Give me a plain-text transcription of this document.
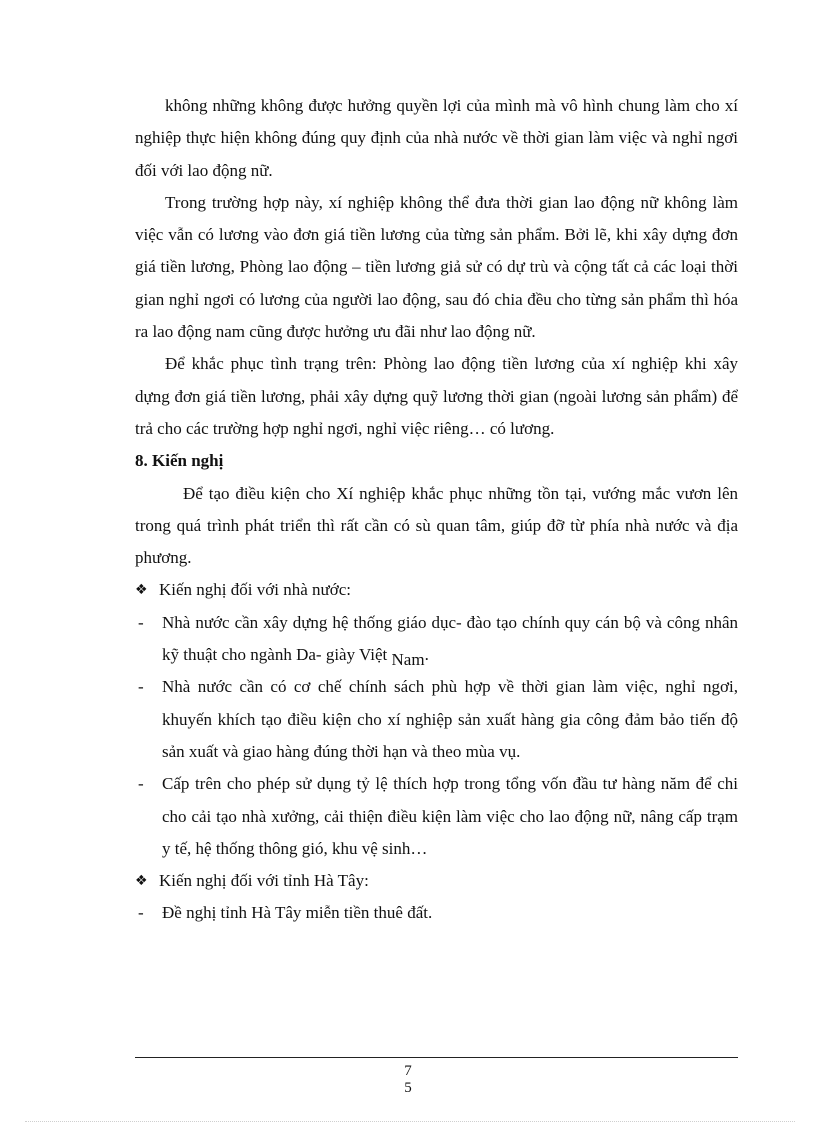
không những không được hưởng quyền lợi của mình mà vô hình chung làm cho xí nghiệp thực hiện không đúng quy định của nhà nước về thời gian làm việc và nghỉ ngơi đối với lao động nữ.

Trong trường hợp này, xí nghiệp không thể đưa thời gian lao động nữ không làm việc vẫn có lương vào đơn giá tiền lương của từng sản phẩm. Bởi lẽ, khi xây dựng đơn giá tiền lương, Phòng lao động – tiền lương giả sử có dự trù và cộng tất cả các loại thời gian nghỉ ngơi có lương của người lao động, sau đó chia đều cho từng sản phẩm thì hóa ra lao động nam cũng được hưởng ưu đãi như lao động nữ.

Để khắc phục tình trạng trên: Phòng lao động tiền lương của xí nghiệp khi xây dựng đơn giá tiền lương, phải xây dựng quỹ lương thời gian (ngoài lương sản phẩm) để trả cho các trường hợp nghỉ ngơi, nghỉ việc riêng… có lương.

8. Kiến nghị

Để tạo điều kiện cho Xí nghiệp khắc phục những tồn tại, vướng mắc vươn lên trong quá trình phát triển thì rất cần có sù quan tâm, giúp đỡ từ phía nhà nước và địa phương.

❖ Kiến nghị đối với nhà nước:

- Nhà nước cần xây dựng hệ thống giáo dục- đào tạo chính quy cán bộ và công nhân kỹ thuật cho ngành Da- giày Việt Nam.

- Nhà nước cần có cơ chế chính sách phù hợp về thời gian làm việc, nghỉ ngơi, khuyến khích tạo điều kiện cho xí nghiệp sản xuất hàng gia công đảm bảo tiến độ sản xuất và giao hàng đúng thời hạn và theo mùa vụ.

- Cấp trên cho phép sử dụng tỷ lệ thích hợp trong tổng vốn đầu tư hàng năm để chi cho cải tạo nhà xưởng, cải thiện điều kiện làm việc cho lao động nữ, nâng cấp trạm y tế, hệ thống thông gió, khu vệ sinh…

❖ Kiến nghị đối với tỉnh Hà Tây:

- Đề nghị tỉnh Hà Tây miễn tiền thuê đất.

7
5
